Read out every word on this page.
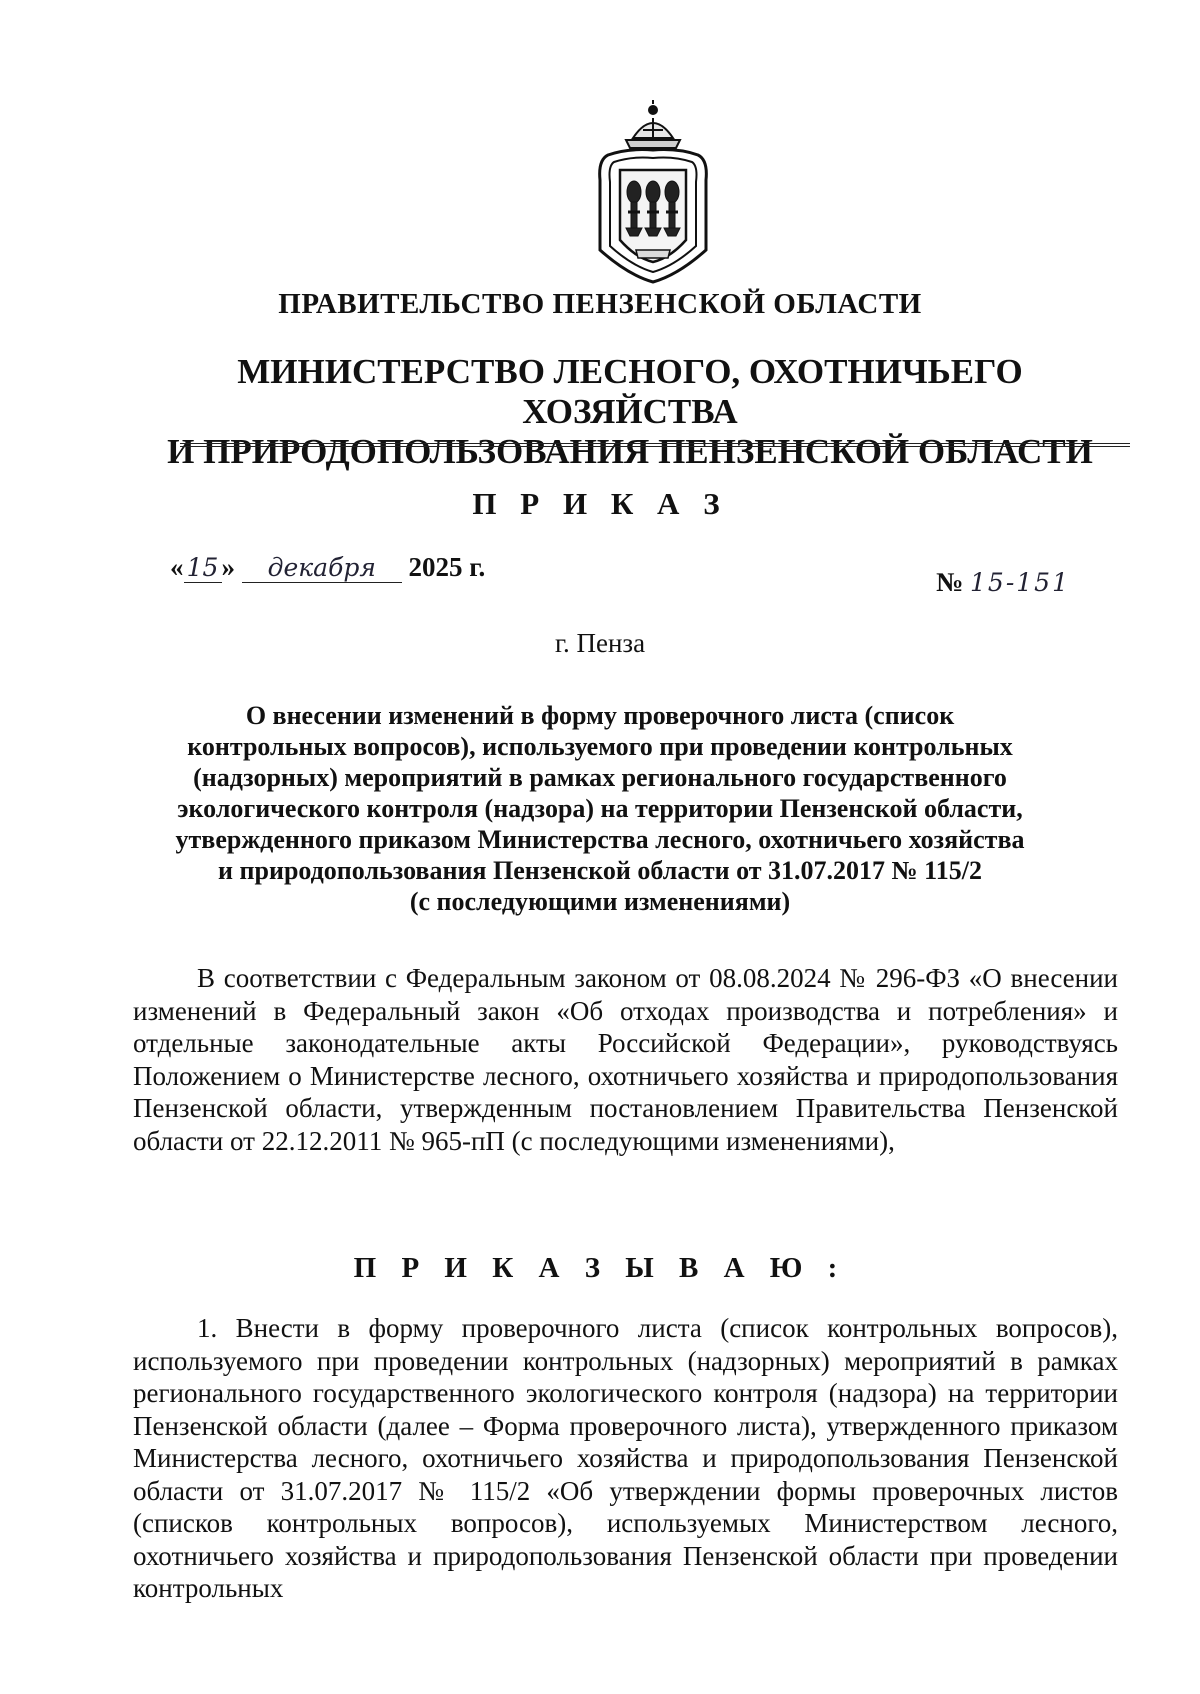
ПРАВИТЕЛЬСТВО ПЕНЗЕНСКОЙ ОБЛАСТИ
МИНИСТЕРСТВО ЛЕСНОГО, ОХОТНИЧЬЕГО ХОЗЯЙСТВА
И ПРИРОДОПОЛЬЗОВАНИЯ ПЕНЗЕНСКОЙ ОБЛАСТИ
П Р И К А З
« 15 » декабря 2025 г.	№ 15-151
г. Пенза
О внесении изменений в форму проверочного листа (список
контрольных вопросов), используемого при проведении контрольных
(надзорных) мероприятий в рамках регионального государственного
экологического контроля (надзора) на территории Пензенской области,
утвержденного приказом Министерства лесного, охотничьего хозяйства
и природопользования Пензенской области от 31.07.2017 № 115/2
(с последующими изменениями)
В соответствии с Федеральным законом от 08.08.2024 № 296-ФЗ «О внесении изменений в Федеральный закон «Об отходах производства и потребления» и отдельные законодательные акты Российской Федерации», руководствуясь Положением о Министерстве лесного, охотничьего хозяйства и природопользования Пензенской области, утвержденным постановлением Правительства Пензенской области от 22.12.2011 № 965-пП (с последующими изменениями),
П Р И К А З Ы В А Ю :
1. Внести в форму проверочного листа (список контрольных вопросов), используемого при проведении контрольных (надзорных) мероприятий в рамках регионального государственного экологического контроля (надзора) на территории Пензенской области (далее – Форма проверочного листа), утвержденного приказом Министерства лесного, охотничьего хозяйства и природопользования Пензенской области от 31.07.2017 № 115/2 «Об утверждении формы проверочных листов (списков контрольных вопросов), используемых Министерством лесного, охотничьего хозяйства и природопользования Пензенской области при проведении контрольных
